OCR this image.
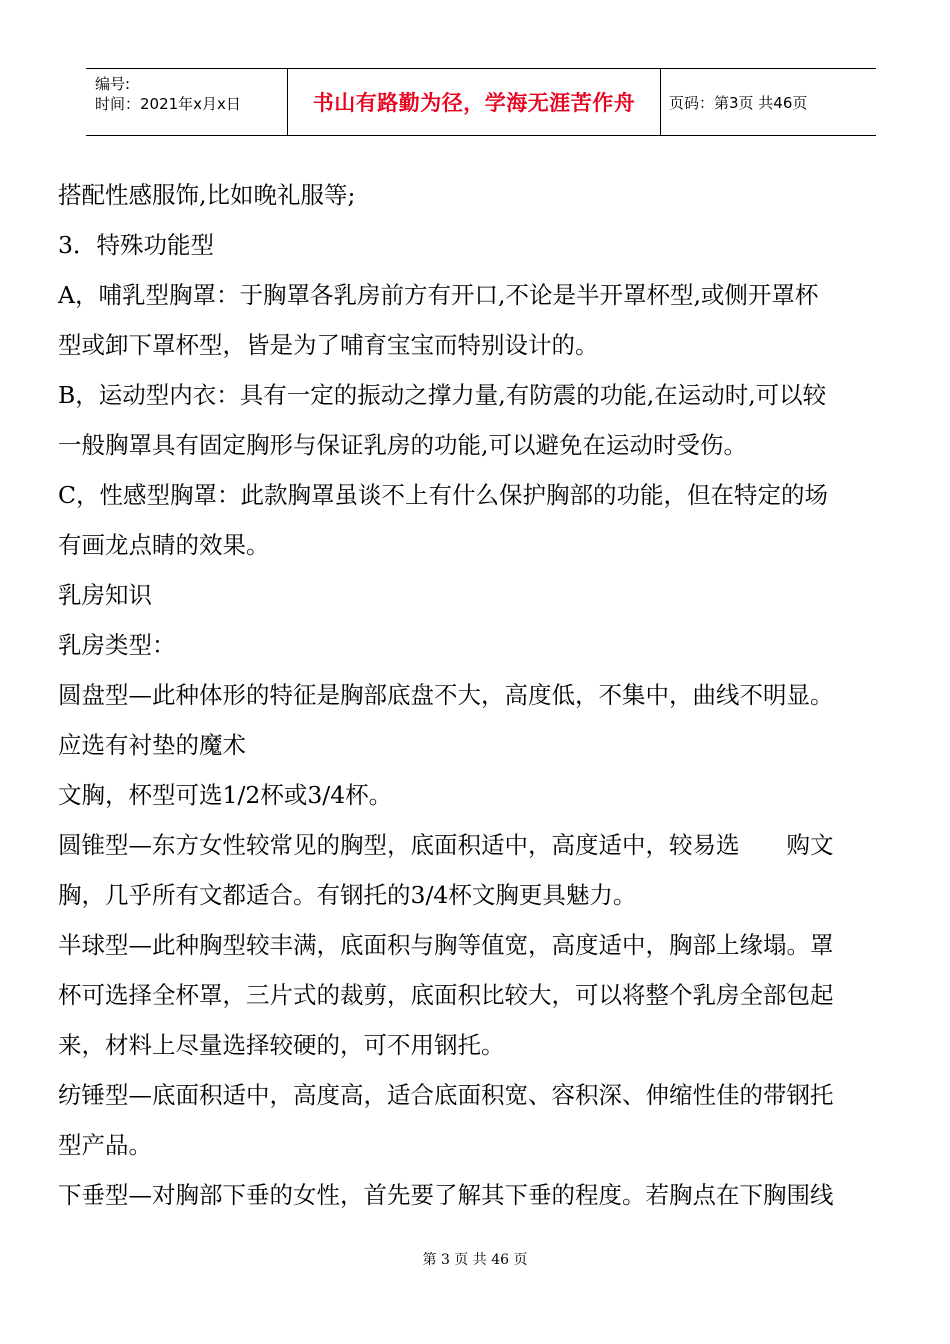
编号:
时间：2021年x月x日	书山有路勤为径，学海无涯苦作舟 页码：第3页 共46页

搭配性感服饰,比如晚礼服等;

3．特殊功能型

A，哺乳型胸罩：于胸罩各乳房前方有开口,不论是半开罩杯型,或侧开罩杯

型或卸下罩杯型，皆是为了哺育宝宝而特别设计的。

B，运动型内衣：具有一定的振动之撑力量,有防震的功能,在运动时,可以较

一般胸罩具有固定胸形与保证乳房的功能,可以避免在运动时受伤。

C，性感型胸罩：此款胸罩虽谈不上有什么保护胸部的功能，但在特定的场

有画龙点睛的效果。

乳房知识

乳房类型：

圆盘型—此种体形的特征是胸部底盘不大，高度低，不集中，曲线不明显。

应选有衬垫的魔术

文胸，杯型可选1/2杯或3/4杯。

圆锥型—东方女性较常见的胸型，底面积适中，高度适中，较易选　　购文

胸，几乎所有文都适合。有钢托的3/4杯文胸更具魅力。

半球型—此种胸型较丰满，底面积与胸等值宽，高度适中，胸部上缘塌。罩

杯可选择全杯罩，三片式的裁剪，底面积比较大，可以将整个乳房全部包起

来，材料上尽量选择较硬的，可不用钢托。

纺锤型—底面积适中，高度高，适合底面积宽、容积深、伸缩性佳的带钢托

型产品。

下垂型—对胸部下垂的女性，首先要了解其下垂的程度。若胸点在下胸围线

第 3 页 共 46 页
